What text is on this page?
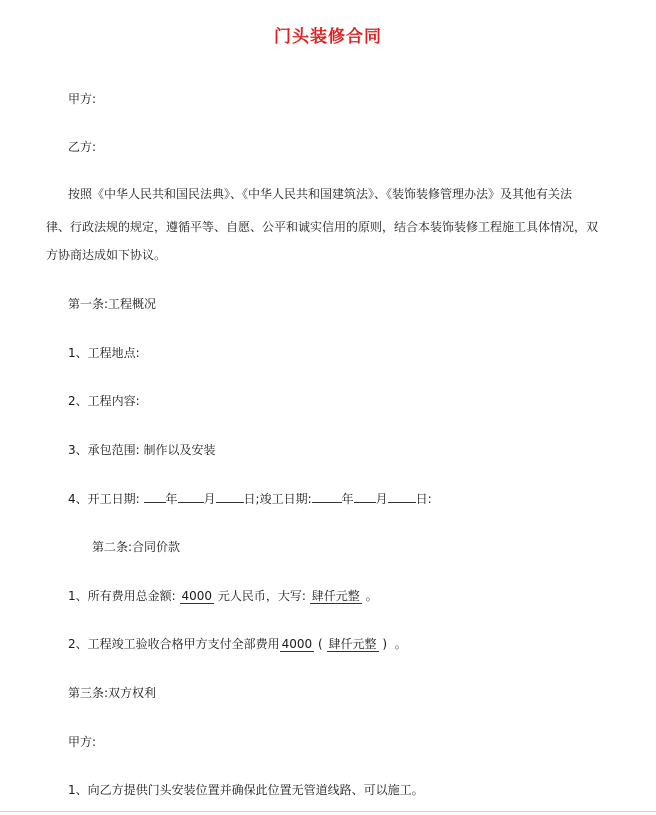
门头装修合同
甲方:
乙方:
按照《中华人民共和国民法典》、《中华人民共和国建筑法》、《装饰装修管理办法》及其他有关法
律、行政法规的规定，遵循平等、自愿、公平和诚实信用的原则，结合本装饰装修工程施工具体情况，双
方协商达成如下协议。
第一条:工程概况
1、工程地点:
2、工程内容:
3、承包范围: 制作以及安装
4、开工日期: 年 月 日;竣工日期:	年 月 日:
第二条:合同价款
1、所有费用总金额: 4000 元人民币，大写: 肆仟元整 。
2、工程竣工验收合格甲方支付全部费用 4000 ( 肆仟元整 ) 。
第三条:双方权利
甲方:
1、向乙方提供门头安装位置并确保此位置无管道线路、可以施工。
